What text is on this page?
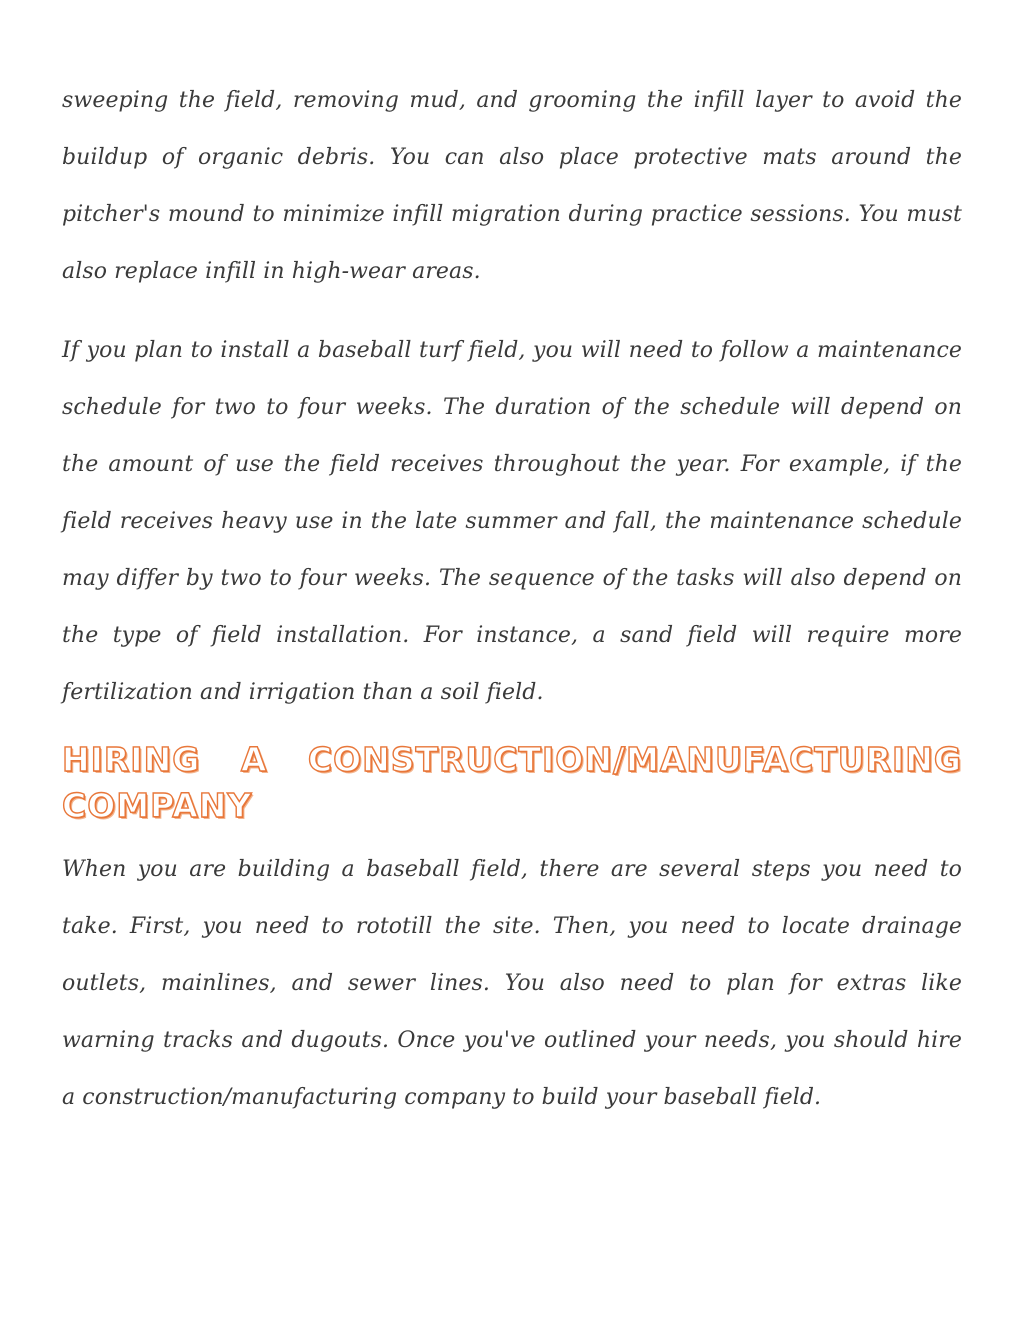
sweeping the field, removing mud, and grooming the infill layer to avoid the buildup of organic debris. You can also place protective mats around the pitcher's mound to minimize infill migration during practice sessions. You must also replace infill in high-wear areas.

If you plan to install a baseball turf field, you will need to follow a maintenance schedule for two to four weeks. The duration of the schedule will depend on the amount of use the field receives throughout the year. For example, if the field receives heavy use in the late summer and fall, the maintenance schedule may differ by two to four weeks. The sequence of the tasks will also depend on the type of field installation. For instance, a sand field will require more fertilization and irrigation than a soil field.

HIRING A CONSTRUCTION/MANUFACTURING COMPANY

When you are building a baseball field, there are several steps you need to take. First, you need to rototill the site. Then, you need to locate drainage outlets, mainlines, and sewer lines. You also need to plan for extras like warning tracks and dugouts. Once you've outlined your needs, you should hire a construction/manufacturing company to build your baseball field.
